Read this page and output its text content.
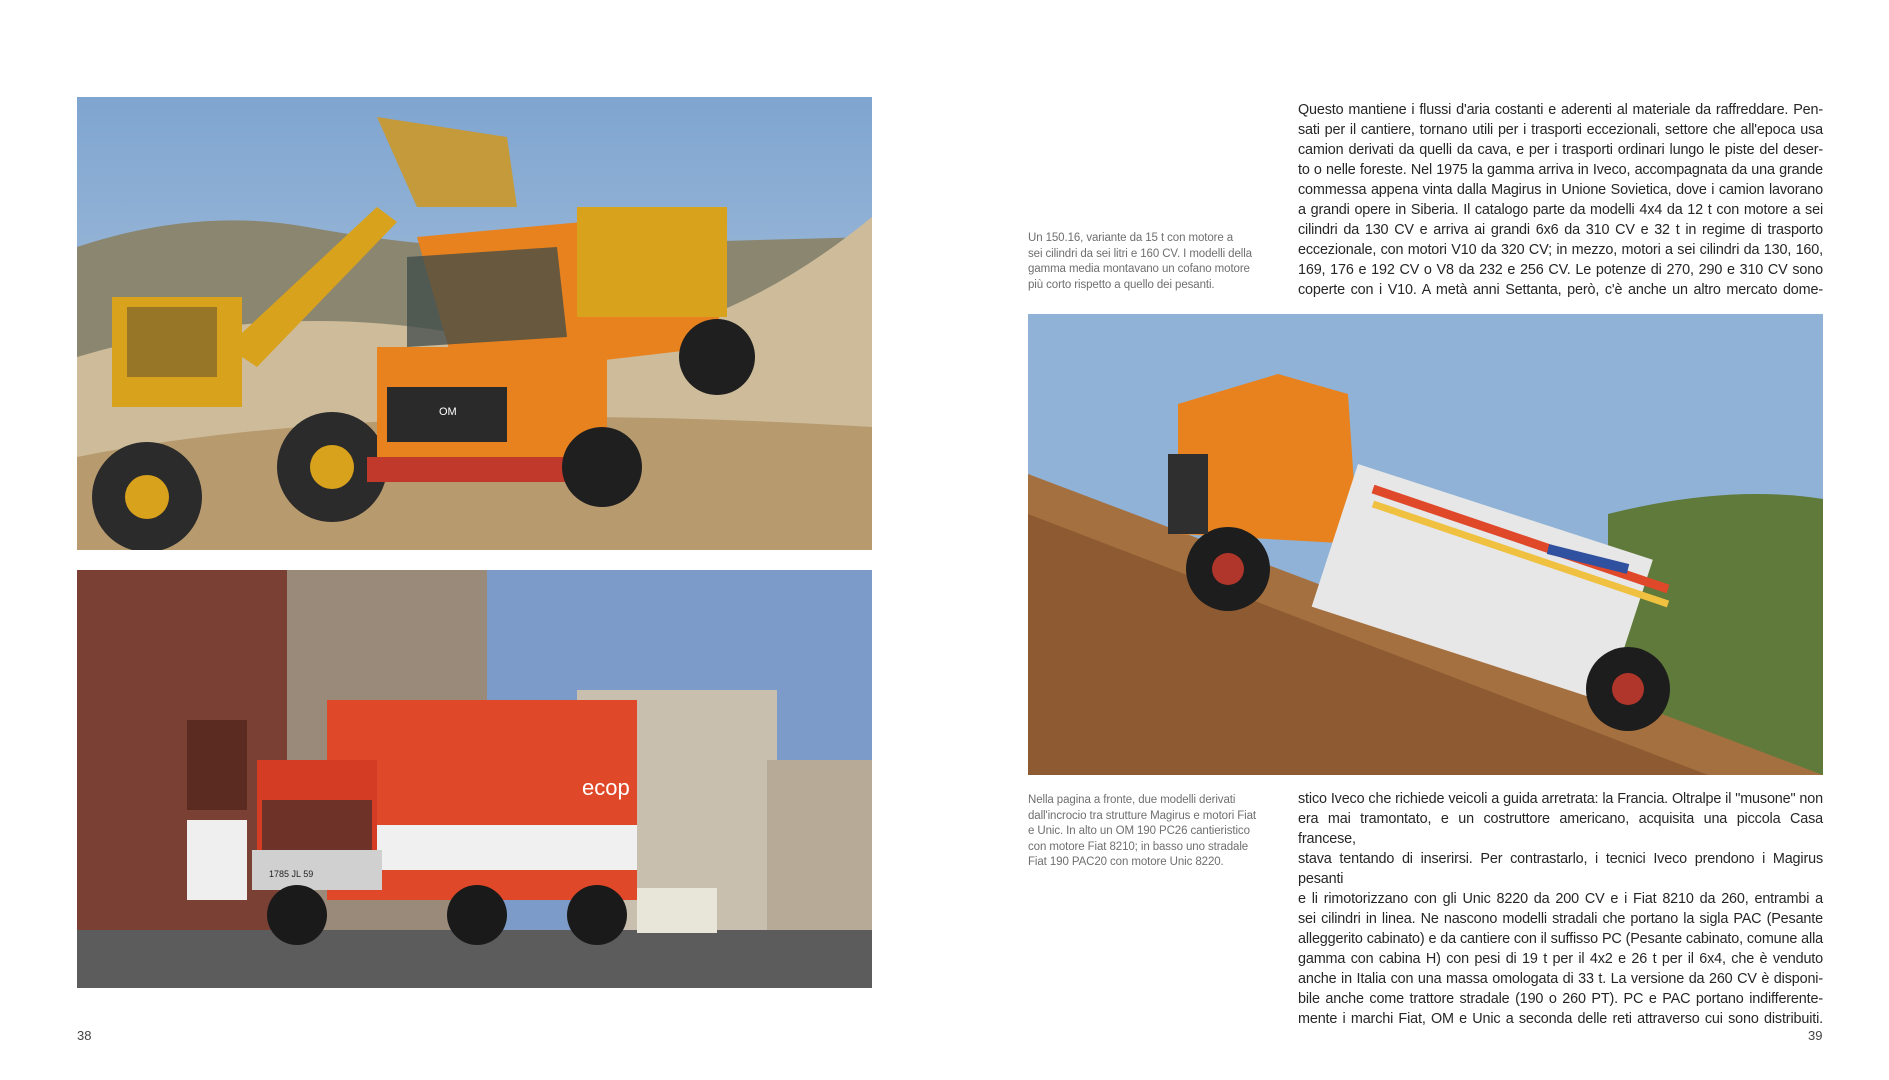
OM
ecop
1785 JL 59
Un 150.16, variante da 15 t con motore a
sei cilindri da sei litri e 160 CV. I modelli della
gamma media montavano un cofano motore
più corto rispetto a quello dei pesanti.
Nella pagina a fronte, due modelli derivati
dall'incrocio tra strutture Magirus e motori Fiat
e Unic. In alto un OM 190 PC26 cantieristico
con motore Fiat 8210; in basso uno stradale
Fiat 190 PAC20 con motore Unic 8220.
Questo mantiene i flussi d'aria costanti e aderenti al materiale da raffreddare. Pen-
sati per il cantiere, tornano utili per i trasporti eccezionali, settore che all'epoca usa
camion derivati da quelli da cava, e per i trasporti ordinari lungo le piste del deser-
to o nelle foreste. Nel 1975 la gamma arriva in Iveco, accompagnata da una grande
commessa appena vinta dalla Magirus in Unione Sovietica, dove i camion lavorano
a grandi opere in Siberia. Il catalogo parte da modelli 4x4 da 12 t con motore a sei
cilindri da 130 CV e arriva ai grandi 6x6 da 310 CV e 32 t in regime di trasporto
eccezionale, con motori V10 da 320 CV; in mezzo, motori a sei cilindri da 130, 160,
169, 176 e 192 CV o V8 da 232 e 256 CV. Le potenze di 270, 290 e 310 CV sono
coperte con i V10. A metà anni Settanta, però, c'è anche un altro mercato dome-
stico Iveco che richiede veicoli a guida arretrata: la Francia. Oltralpe il "musone" non
era mai tramontato, e un costruttore americano, acquisita una piccola Casa francese,
stava tentando di inserirsi. Per contrastarlo, i tecnici Iveco prendono i Magirus pesanti
e li rimotorizzano con gli Unic 8220 da 200 CV e i Fiat 8210 da 260, entrambi a
sei cilindri in linea. Ne nascono modelli stradali che portano la sigla PAC (Pesante
alleggerito cabinato) e da cantiere con il suffisso PC (Pesante cabinato, comune alla
gamma con cabina H) con pesi di 19 t per il 4x2 e 26 t per il 6x4, che è venduto
anche in Italia con una massa omologata di 33 t. La versione da 260 CV è disponi-
bile anche come trattore stradale (190 o 260 PT). PC e PAC portano indifferente-
mente i marchi Fiat, OM e Unic a seconda delle reti attraverso cui sono distribuiti.
38	39
